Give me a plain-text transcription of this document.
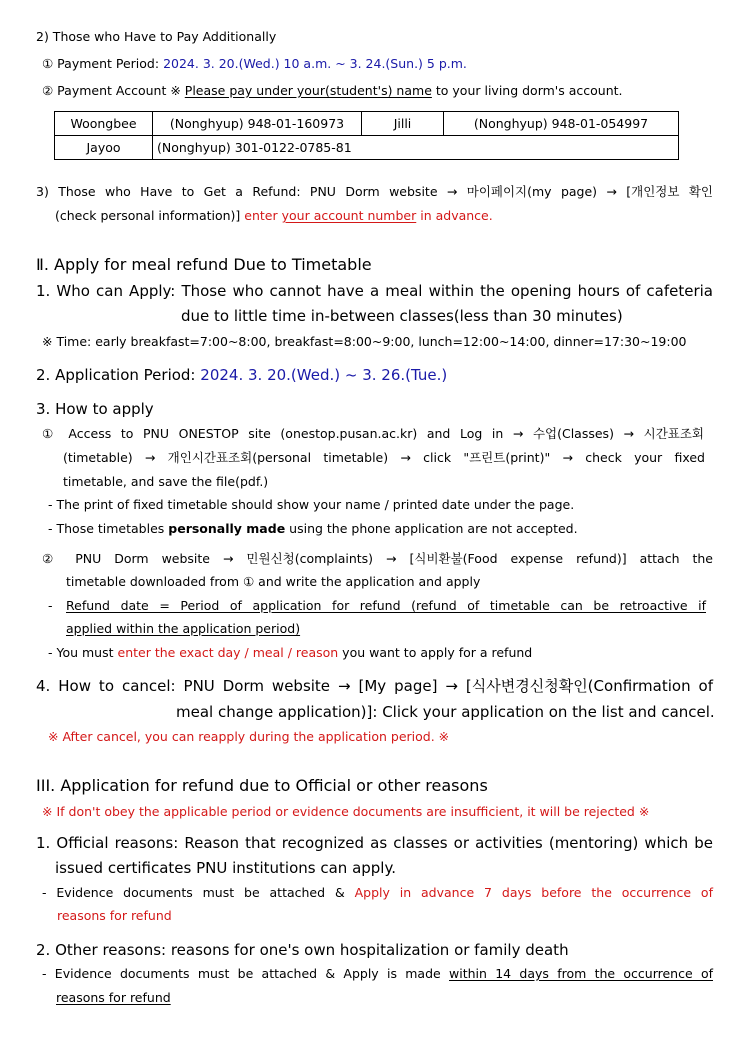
2) Those who Have to Pay Additionally
① Payment Period: 2024. 3. 20.(Wed.) 10 a.m. ~ 3. 24.(Sun.) 5 p.m.
② Payment Account ※ Please pay under your(student's) name to your living dorm's account.
Woongbee	(Nonghyup) 948-01-160973	Jilli	(Nonghyup) 948-01-054997
Jayoo	(Nonghyup) 301-0122-0785-81		
3) Those who Have to Get a Refund: PNU Dorm website → 마이페이지(my page) → [개인정보 확인
(check personal information)] enter your account number in advance.
Ⅱ. Apply for meal refund Due to Timetable
1. Who can Apply: Those who cannot have a meal within the opening hours of cafeteria
due to little time in-between classes(less than 30 minutes)
※ Time: early breakfast=7:00~8:00, breakfast=8:00~9:00, lunch=12:00~14:00, dinner=17:30~19:00
2. Application Period: 2024. 3. 20.(Wed.) ~ 3. 26.(Tue.)
3. How to apply
① Access to PNU ONESTOP site (onestop.pusan.ac.kr) and Log in → 수업(Classes) → 시간표조회
(timetable) → 개인시간표조회(personal timetable) → click "프린트(print)" → check your fixed
timetable, and save the file(pdf.)
- The print of fixed timetable should show your name / printed date under the page.
- Those timetables personally made using the phone application are not accepted.
② PNU Dorm website → 민원신청(complaints) → [식비환불(Food expense refund)] attach the
timetable downloaded from ① and write the application and apply
- Refund date = Period of application for refund (refund of timetable can be retroactive if
applied within the application period)
- You must enter the exact day / meal / reason you want to apply for a refund
4. How to cancel: PNU Dorm website → [My page] → [식사변경신청확인(Confirmation of
meal change application)]: Click your application on the list and cancel.
※ After cancel, you can reapply during the application period. ※
III. Application for refund due to Official or other reasons
※ If don't obey the applicable period or evidence documents are insufficient, it will be rejected ※
1. Official reasons: Reason that recognized as classes or activities (mentoring) which be
issued certificates PNU institutions can apply.
- Evidence documents must be attached & Apply in advance 7 days before the occurrence of
reasons for refund
2. Other reasons: reasons for one's own hospitalization or family death
- Evidence documents must be attached & Apply is made within 14 days from the occurrence of
reasons for refund
